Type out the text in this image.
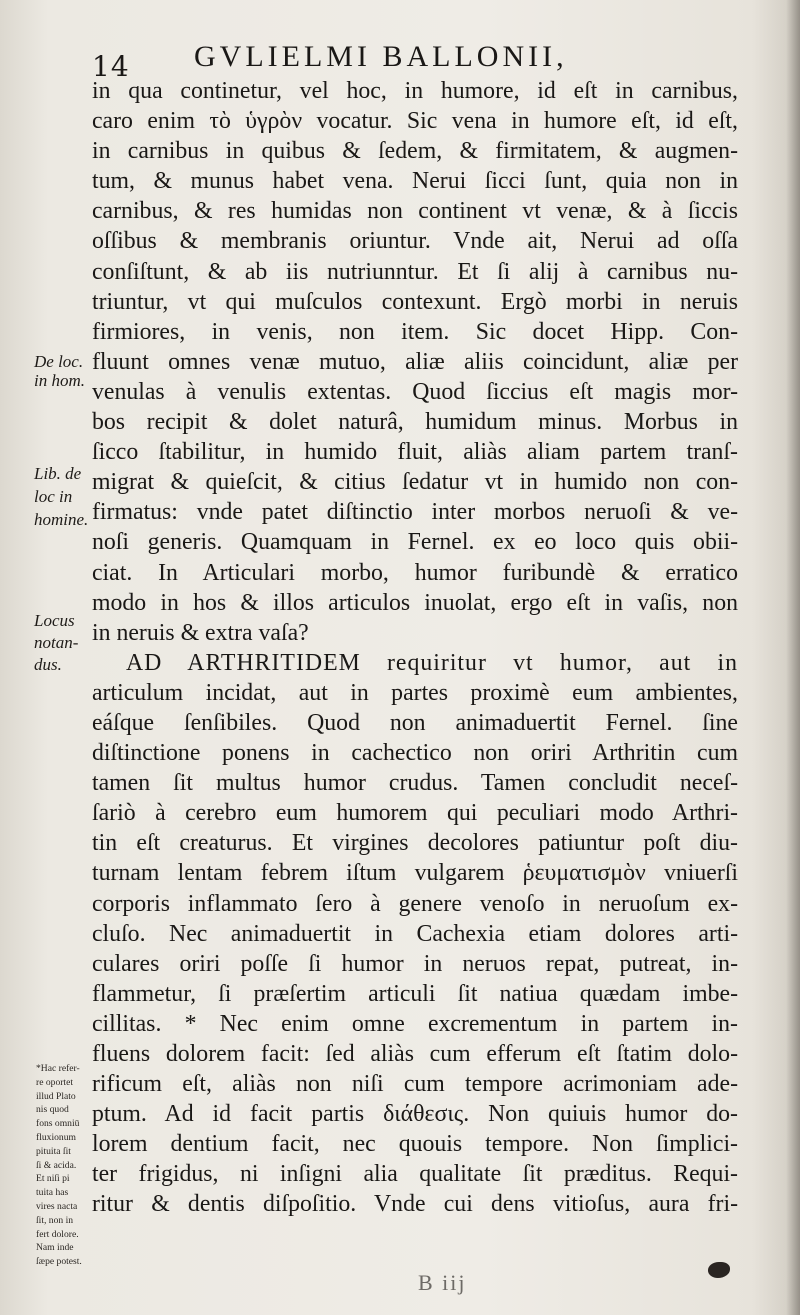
14 GVLIELMI BALLONII,
in qua continetur, vel hoc, in humore, id eſt in carnibus,
caro enim τὸ ὑγρὸν vocatur. Sic vena in humore eſt, id eſt,
in carnibus in quibus & ſedem, & firmitatem, & augmen-
tum, & munus habet vena. Nerui ſicci ſunt, quia non in
carnibus, & res humidas non continent vt venæ, & à ſiccis
oſſibus & membranis oriuntur. Vnde ait, Nerui ad oſſa
conſiſtunt, & ab iis nutriunntur. Et ſi alij à carnibus nu-
triuntur, vt qui muſculos contexunt. Ergò morbi in neruis
firmiores, in venis, non item. Sic docet Hipp. Con-
fluunt omnes venæ mutuo, aliæ aliis coincidunt, aliæ per
venulas à venulis extentas. Quod ſiccius eſt magis mor-
bos recipit & dolet naturâ, humidum minus. Morbus in
ſicco ſtabilitur, in humido fluit, aliàs aliam partem tranſ-
migrat & quieſcit, & citius ſedatur vt in humido non con-
firmatus: vnde patet diſtinctio inter morbos neruoſi & ve-
noſi generis. Quamquam in Fernel. ex eo loco quis obii-
ciat. In Articulari morbo, humor furibundè & erratico
modo in hos & illos articulos inuolat, ergo eſt in vaſis, non
in neruis & extra vaſa?
AD ARTHRITIDEM requiritur vt humor, aut in
articulum incidat, aut in partes proximè eum ambientes,
eáſque ſenſibiles. Quod non animaduertit Fernel. ſine
diſtinctione ponens in cachectico non oriri Arthritin cum
tamen ſit multus humor crudus. Tamen concludit neceſ-
ſariò à cerebro eum humorem qui peculiari modo Arthri-
tin eſt creaturus. Et virgines decolores patiuntur poſt diu-
turnam lentam febrem iſtum vulgarem ῥευματισμὸν vniuerſi
corporis inflammato ſero à genere venoſo in neruoſum ex-
cluſo. Nec animaduertit in Cachexia etiam dolores arti-
culares oriri poſſe ſi humor in neruos repat, putreat, in-
flammetur, ſi præſertim articuli ſit natiua quædam imbe-
cillitas. * Nec enim omne excrementum in partem in-
fluens dolorem facit: ſed aliàs cum efferum eſt ſtatim dolo-
rificum eſt, aliàs non niſi cum tempore acrimoniam ade-
ptum. Ad id facit partis διάθεσις. Non quiuis humor do-
lorem dentium facit, nec quouis tempore. Non ſimplici-
ter frigidus, ni inſigni alia qualitate ſit præditus. Requi-
ritur & dentis diſpoſitio. Vnde cui dens vitioſus, aura fri-
De loc.
in hom.
Lib. de
loc in
homine.
Locus
notan-
dus.
*Hac refer-
re oportet
illud Plato
nis quod
fons omniū
fluxionum
pituita ſit
ſi & acida.
Et niſi pi
tuita has
vires nacta
ſit, non in
fert dolore.
Nam inde
ſæpe potest.
B iij
